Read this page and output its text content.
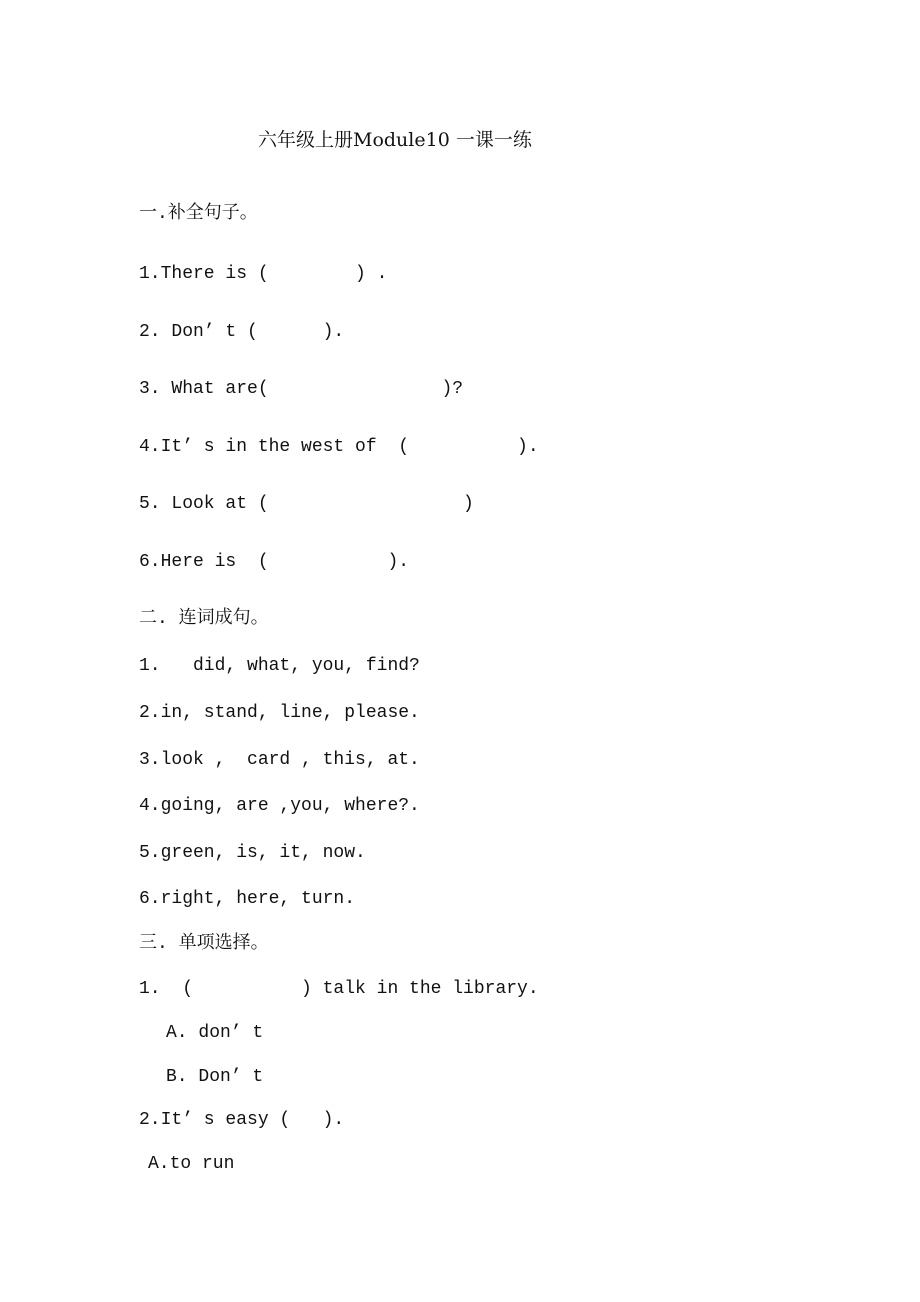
六年级上册Module10 一课一练
一.补全句子。
1.There is (        ) .
2. Don’ t (      ).
3. What are(                )?
4.It’ s in the west of  (          ).
5. Look at (                  )
6.Here is  (           ).
二. 连词成句。
1.   did, what, you, find?
2.in, stand, line, please.
3.look ,  card , this, at.
4.going, are ,you, where?.
5.green, is, it, now.
6.right, here, turn.
三. 单项选择。
1.  (          ) talk in the library.
A. don’ t
B. Don’ t
2.It’ s easy (   ).
A.to run
